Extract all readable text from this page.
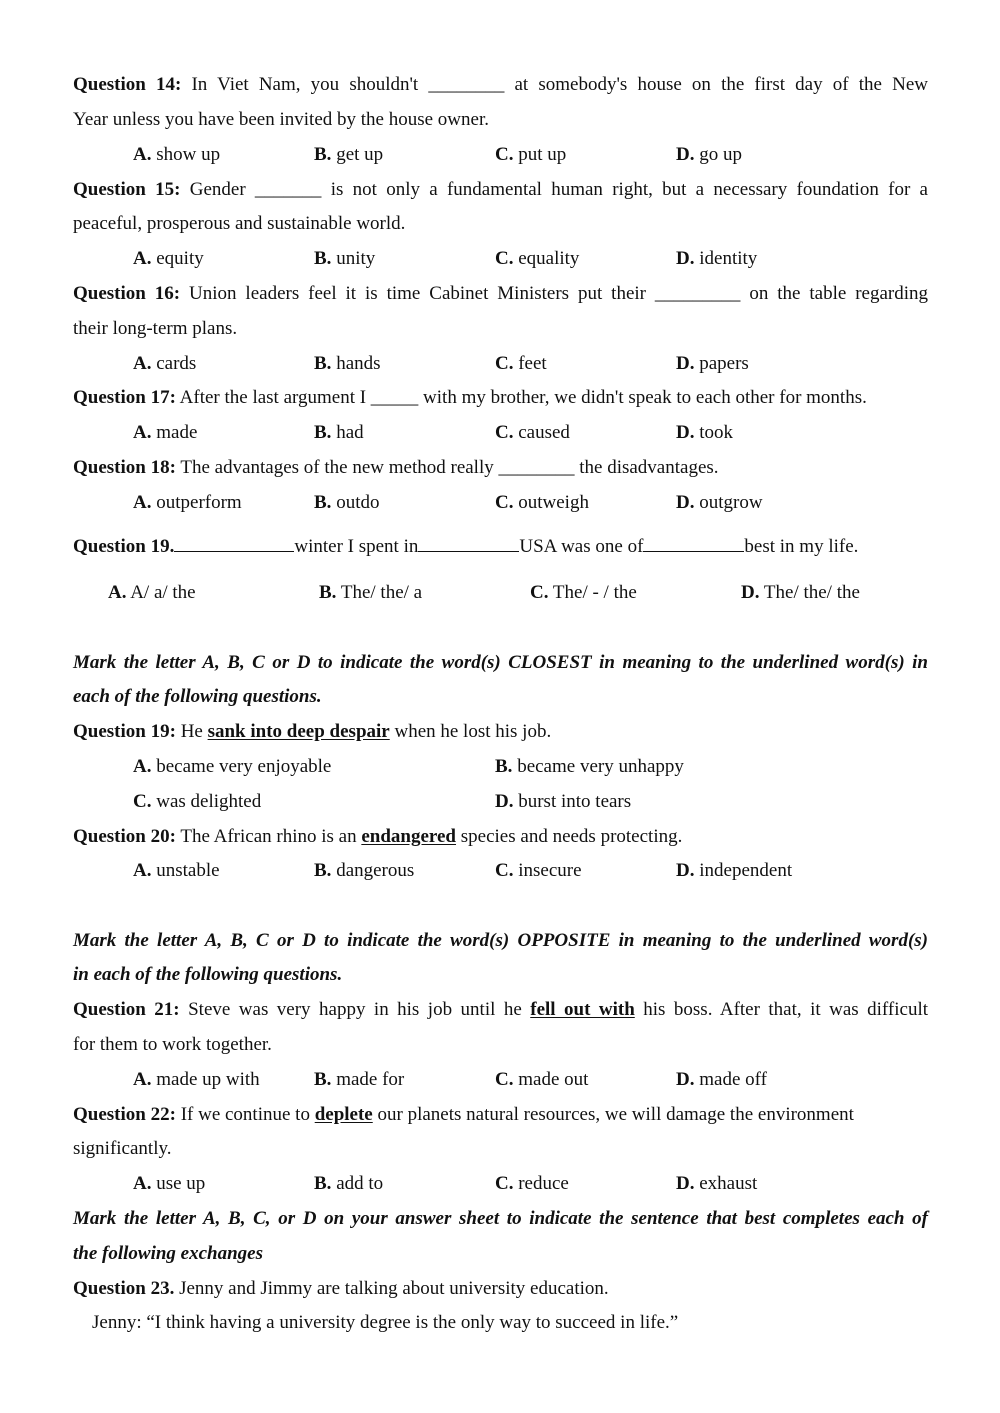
Question 14: In Viet Nam, you shouldn't ________ at somebody's house on the first day of the New
Year unless you have been invited by the house owner.
A. show up	B. get up	C. put up	D. go up
Question 15: Gender _______ is not only a fundamental human right, but a necessary foundation for a
peaceful, prosperous and sustainable world.
A. equity	B. unity	C. equality	D. identity
Question 16: Union leaders feel it is time Cabinet Ministers put their _________ on the table regarding
their long-term plans.
A. cards	B. hands	C. feet	D. papers
Question 17: After the last argument I _____ with my brother, we didn't speak to each other for months.
A. made	B. had	C. caused	D. took
Question 18: The advantages of the new method really ________ the disadvantages.
A. outperform	B. outdo	C. outweigh	D. outgrow
Question 19.	winter I spent in	USA was one of	best in my life.
A. A/ a/ the	B. The/ the/ a	C. The/ - / the	D. The/ the/ the
Mark the letter A, B, C or D to indicate the word(s) CLOSEST in meaning to the underlined word(s) in
each of the following questions.
Question 19: He sank into deep despair when he lost his job.
A. became very enjoyable	B. became very unhappy
C. was delighted	D. burst into tears
Question 20: The African rhino is an endangered species and needs protecting.
A. unstable	B. dangerous	C. insecure	D. independent
Mark the letter A, B, C or D to indicate the word(s) OPPOSITE in meaning to the underlined word(s)
in each of the following questions.
Question 21: Steve was very happy in his job until he fell out with his boss. After that, it was difficult
for them to work together.
A. made up with	B. made for	C. made out	D. made off
Question 22: If we continue to deplete our planets natural resources, we will damage the environment
significantly.
A. use up	B. add to	C. reduce	D. exhaust
Mark the letter A, B, C, or D on your answer sheet to indicate the sentence that best completes each of
the following exchanges
Question 23. Jenny and Jimmy are talking about university education.
Jenny: “I think having a university degree is the only way to succeed in life.”
